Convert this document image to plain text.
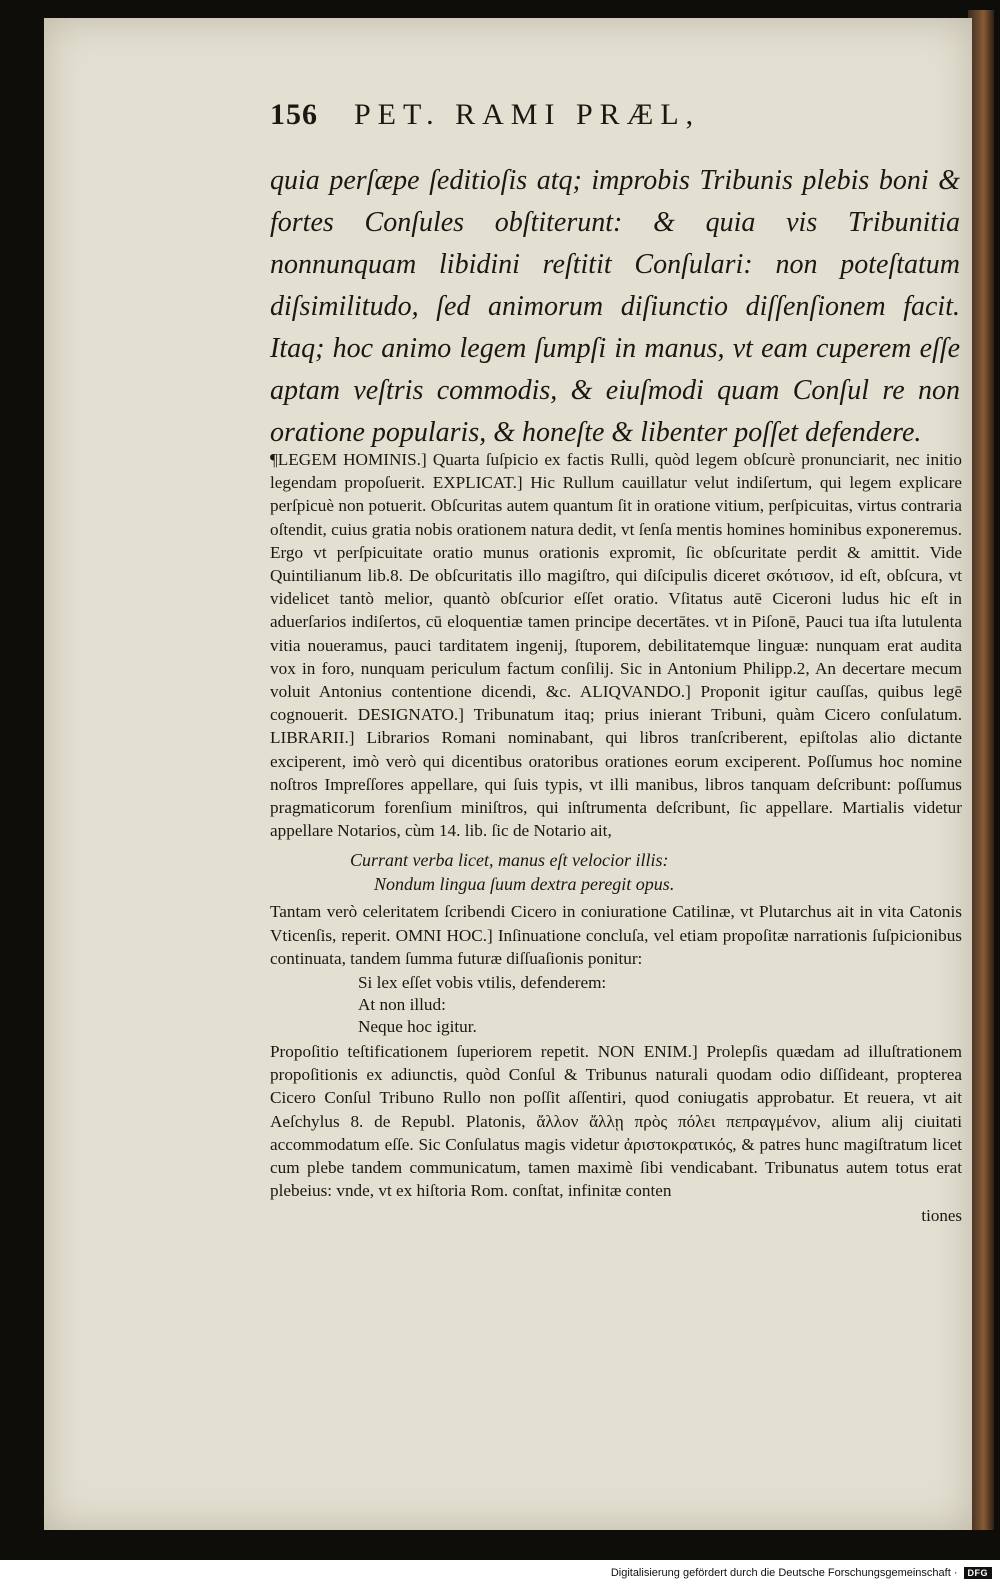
156 PET. RAMI PRÆL,
quia perſæpe ſeditioſis atq; improbis Tribunis plebis boni & fortes Conſules obſtiterunt: & quia vis Tribunitia nonnunquam libidini reſtitit Conſulari: non poteſtatum diſsimilitudo, ſed animorum diſiunctio diſſenſionem facit. Itaq; hoc animo legem ſumpſi in manus, vt eam cuperem eſſe aptam veſtris commodis, & eiuſmodi quam Conſul re non oratione popularis, & honeſte & libenter poſſet defendere.

¶LEGEM HOMINIS.] Quarta ſuſpicio ex factis Rulli, quòd legem obſcurè pronunciarit, nec initio legendam propoſuerit. EXPLICAT.] Hic Rullum cauillatur velut indiſertum, qui legem explicare perſpicuè non potuerit. Obſcuritas autem quantum ſit in oratione vitium, perſpicuitas, virtus contraria oſtendit, cuius gratia nobis orationem natura dedit, vt ſenſa mentis homines hominibus exponeremus. Ergo vt perſpicuitate oratio munus orationis expromit, ſic obſcuritate perdit & amittit. Vide Quintilianum lib.8. De obſcuritatis illo magiſtro, qui diſcipulis diceret σκότισον, id eſt, obſcura, vt videlicet tantò melior, quantò obſcurior eſſet oratio. Vſitatus autē Ciceroni ludus hic eſt in aduerſarios indiſertos, cū eloquentiæ tamen principe decertātes. vt in Piſonē, Pauci tua iſta lutulenta vitia noueramus, pauci tarditatem ingenij, ſtuporem, debilitatemque linguæ: nunquam erat audita vox in foro, nunquam periculum factum conſilij. Sic in Antonium Philipp.2, An decertare mecum voluit Antonius contentione dicendi, &c. ALIQVANDO.] Proponit igitur cauſſas, quibus legē cognouerit. DESIGNATO.] Tribunatum itaq; prius inierant Tribuni, quàm Cicero conſulatum. LIBRARII.] Librarios Romani nominabant, qui libros tranſcriberent, epiſtolas alio dictante exciperent, imò verò qui dicentibus oratoribus orationes eorum exciperent. Poſſumus hoc nomine noſtros Impreſſores appellare, qui ſuis typis, vt illi manibus, libros tanquam deſcribunt: poſſumus pragmaticorum forenſium miniſtros, qui inſtrumenta deſcribunt, ſic appellare. Martialis videtur appellare Notarios, cùm 14. lib. ſic de Notario ait,

Currant verba licet, manus eſt velocior illis:
Nondum lingua ſuum dextra peregit opus.

Tantam verò celeritatem ſcribendi Cicero in coniuratione Catilinæ, vt Plutarchus ait in vita Catonis Vticenſis, reperit. OMNI HOC.] Inſinuatione concluſa, vel etiam propoſitæ narrationis ſuſpicionibus continuata, tandem ſumma futuræ diſſuaſionis ponitur:

Si lex eſſet vobis vtilis, defenderem:
At non illud:
Neque hoc igitur.

Propoſitio teſtificationem ſuperiorem repetit. NON ENIM.] Prolepſis quædam ad illuſtrationem propoſitionis ex adiunctis, quòd Conſul & Tribunus naturali quodam odio diſſideant, propterea Cicero Conſul Tribuno Rullo non poſſit aſſentiri, quod coniugatis approbatur. Et reuera, vt ait Aeſchylus 8. de Republ. Platonis, ἄλλον ἄλλῃ πρὸς πόλει πεπραγμένον, alium alij ciuitati accommodatum eſſe. Sic Conſulatus magis videtur ἀριστοκρατικός, & patres hunc magiſtratum licet cum plebe tandem communicatum, tamen maximè ſibi vendicabant. Tribunatus autem totus erat plebeius: vnde, vt ex hiſtoria Rom. conſtat, infinitæ conten

tiones
Digitalisierung gefördert durch die Deutsche Forschungsgemeinschaft ·	DFG
